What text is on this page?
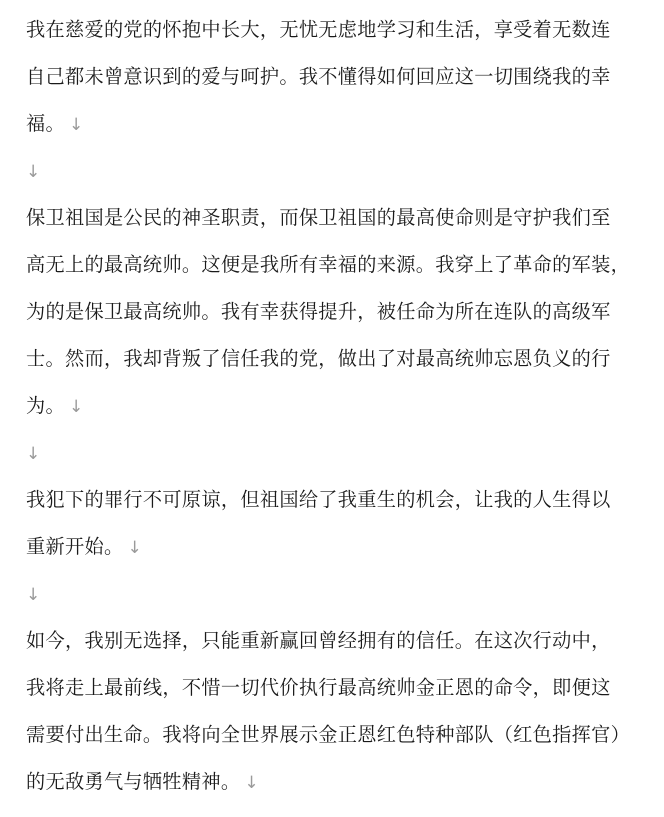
我在慈爱的党的怀抱中长大，无忧无虑地学习和生活，享受着无数连
自己都未曾意识到的爱与呵护。我不懂得如何回应这一切围绕我的幸
福。 ↓
↓
保卫祖国是公民的神圣职责，而保卫祖国的最高使命则是守护我们至
高无上的最高统帅。这便是我所有幸福的来源。我穿上了革命的军装，
为的是保卫最高统帅。我有幸获得提升，被任命为所在连队的高级军
士。然而，我却背叛了信任我的党，做出了对最高统帅忘恩负义的行
为。 ↓
↓
我犯下的罪行不可原谅，但祖国给了我重生的机会，让我的人生得以
重新开始。 ↓
↓
如今，我别无选择，只能重新赢回曾经拥有的信任。在这次行动中，
我将走上最前线，不惜一切代价执行最高统帅金正恩的命令，即便这
需要付出生命。我将向全世界展示金正恩红色特种部队（红色指挥官）
的无敌勇气与牺牲精神。 ↓
